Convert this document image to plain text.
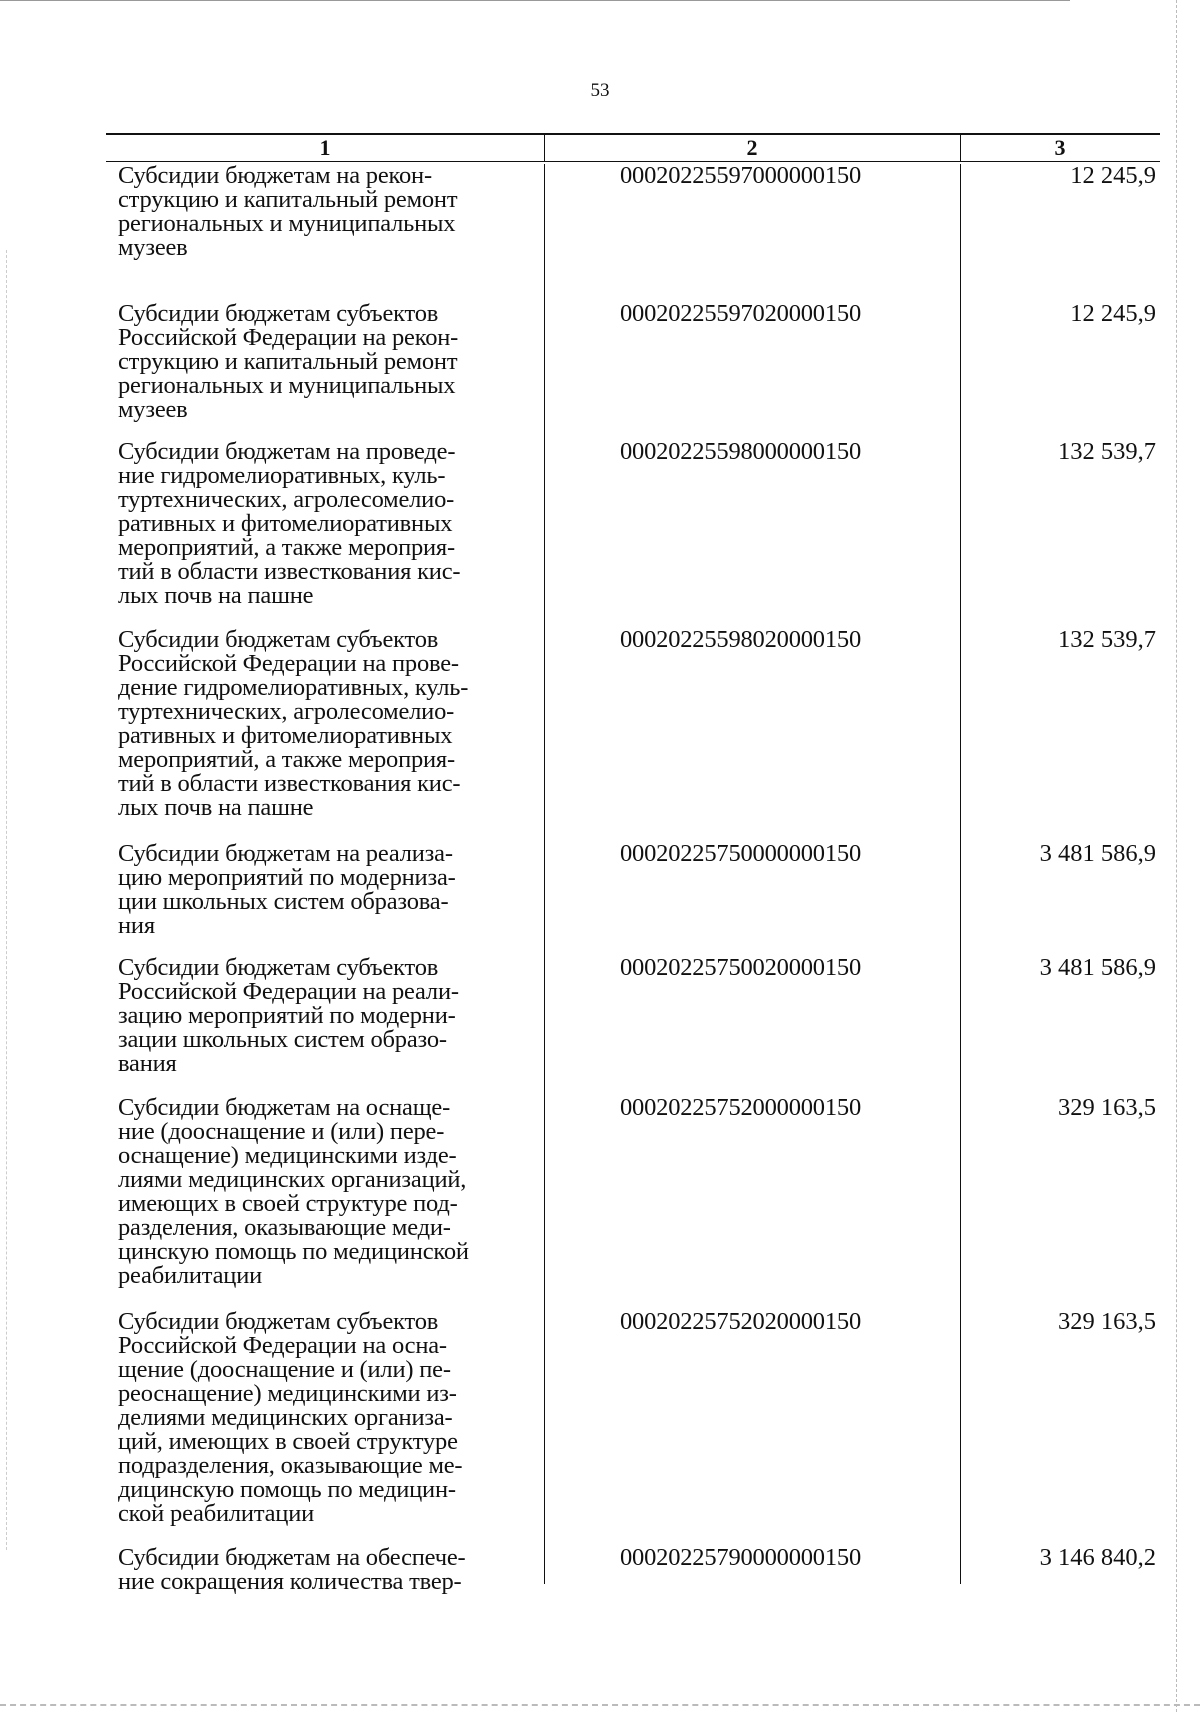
53
1	2	3
Субсидии бюджетам на рекон-
струкцию и капитальный ремонт
региональных и муниципальных
музеев
00020225597000000150	12 245,9
Субсидии бюджетам субъектов
Российской Федерации на рекон-
струкцию и капитальный ремонт
региональных и муниципальных
музеев
00020225597020000150	12 245,9
Субсидии бюджетам на проведе-
ние гидромелиоративных, куль-
туртехнических, агролесомелио-
ративных и фитомелиоративных
мероприятий, а также мероприя-
тий в области известкования кис-
лых почв на пашне
00020225598000000150	132 539,7
Субсидии бюджетам субъектов
Российской Федерации на прове-
дение гидромелиоративных, куль-
туртехнических, агролесомелио-
ративных и фитомелиоративных
мероприятий, а также мероприя-
тий в области известкования кис-
лых почв на пашне
00020225598020000150	132 539,7
Субсидии бюджетам на реализа-
цию мероприятий по модерниза-
ции школьных систем образова-
ния
00020225750000000150	3 481 586,9
Субсидии бюджетам субъектов
Российской Федерации на реали-
зацию мероприятий по модерни-
зации школьных систем образо-
вания
00020225750020000150	3 481 586,9
Субсидии бюджетам на оснаще-
ние (дооснащение и (или) пере-
оснащение) медицинскими изде-
лиями медицинских организаций,
имеющих в своей структуре под-
разделения, оказывающие меди-
цинскую помощь по медицинской
реабилитации
00020225752000000150	329 163,5
Субсидии бюджетам субъектов
Российской Федерации на осна-
щение (дооснащение и (или) пе-
реоснащение) медицинскими из-
делиями медицинских организа-
ций, имеющих в своей структуре
подразделения, оказывающие ме-
дицинскую помощь по медицин-
ской реабилитации
00020225752020000150	329 163,5
Субсидии бюджетам на обеспече-
ние сокращения количества твер-
00020225790000000150	3 146 840,2
